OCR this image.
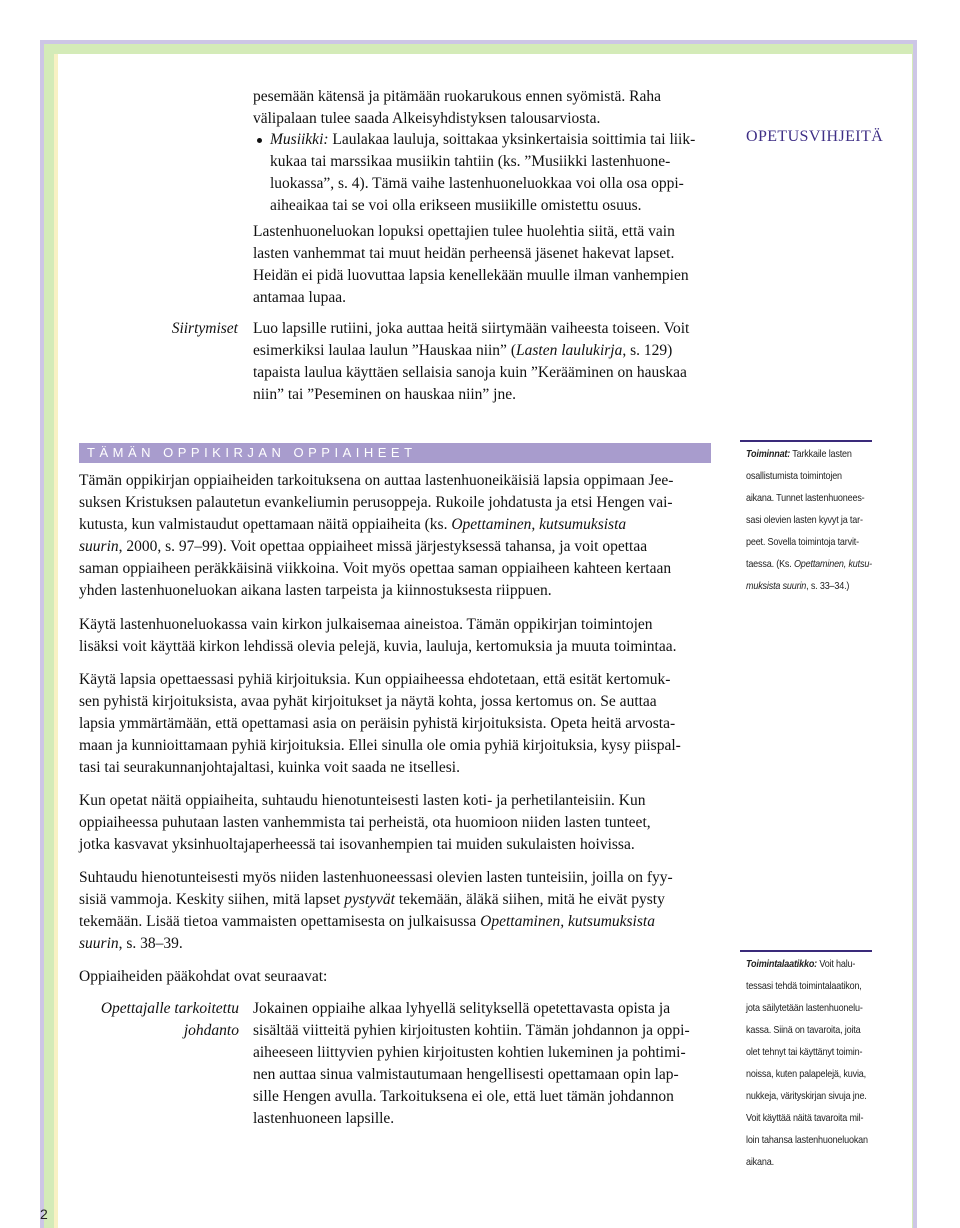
pesemään kätensä ja pitämään ruokarukous ennen syömistä. Raha
välipalaan tulee saada Alkeisyhdistyksen talousarviosta.
Musiikki: Laulakaa lauluja, soittakaa yksinkertaisia soittimia tai liik-
kukaa tai marssikaa musiikin tahtiin (ks. ”Musiikki lastenhuone-
luokassa”, s. 4). Tämä vaihe lastenhuoneluokkaa voi olla osa oppi-
aiheaikaa tai se voi olla erikseen musiikille omistettu osuus.
Lastenhuoneluokan lopuksi opettajien tulee huolehtia siitä, että vain
lasten vanhemmat tai muut heidän perheensä jäsenet hakevat lapset.
Heidän ei pidä luovuttaa lapsia kenellekään muulle ilman vanhempien
antamaa lupaa.
Siirtymiset Luo lapsille rutiini, joka auttaa heitä siirtymään vaiheesta toiseen. Voit
esimerkiksi laulaa laulun ”Hauskaa niin” (Lasten laulukirja, s. 129)
tapaista laulua käyttäen sellaisia sanoja kuin ”Kerääminen on hauskaa
niin” tai ”Peseminen on hauskaa niin” jne.
OPETUSVIHJEITÄ
TÄMÄN OPPIKIRJAN OPPIAIHEET
Tämän oppikirjan oppiaiheiden tarkoituksena on auttaa lastenhuoneikäisiä lapsia oppimaan Jee-
suksen Kristuksen palautetun evankeliumin perusoppeja. Rukoile johdatusta ja etsi Hengen vai-
kutusta, kun valmistaudut opettamaan näitä oppiaiheita (ks. Opettaminen, kutsumuksista
suurin, 2000, s. 97–99). Voit opettaa oppiaiheet missä järjestyksessä tahansa, ja voit opettaa
saman oppiaiheen peräkkäisinä viikkoina. Voit myös opettaa saman oppiaiheen kahteen kertaan
yhden lastenhuoneluokan aikana lasten tarpeista ja kiinnostuksesta riippuen.
Käytä lastenhuoneluokassa vain kirkon julkaisemaa aineistoa. Tämän oppikirjan toimintojen
lisäksi voit käyttää kirkon lehdissä olevia pelejä, kuvia, lauluja, kertomuksia ja muuta toimintaa.
Käytä lapsia opettaessasi pyhiä kirjoituksia. Kun oppiaiheessa ehdotetaan, että esität kertomuk-
sen pyhistä kirjoituksista, avaa pyhät kirjoitukset ja näytä kohta, jossa kertomus on. Se auttaa
lapsia ymmärtämään, että opettamasi asia on peräisin pyhistä kirjoituksista. Opeta heitä arvosta-
maan ja kunnioittamaan pyhiä kirjoituksia. Ellei sinulla ole omia pyhiä kirjoituksia, kysy piispal-
tasi tai seurakunnanjohtajaltasi, kuinka voit saada ne itsellesi.
Kun opetat näitä oppiaiheita, suhtaudu hienotunteisesti lasten koti- ja perhetilanteisiin. Kun
oppiaiheessa puhutaan lasten vanhemmista tai perheistä, ota huomioon niiden lasten tunteet,
jotka kasvavat yksinhuoltajaperheessä tai isovanhempien tai muiden sukulaisten hoivissa.
Suhtaudu hienotunteisesti myös niiden lastenhuoneessasi olevien lasten tunteisiin, joilla on fyy-
sisiä vammoja. Keskity siihen, mitä lapset pystyvät tekemään, äläkä siihen, mitä he eivät pysty
tekemään. Lisää tietoa vammaisten opettamisesta on julkaisussa Opettaminen, kutsumuksista
suurin, s. 38–39.
Oppiaiheiden pääkohdat ovat seuraavat:
Opettajalle tarkoitettu
johdanto
Jokainen oppiaihe alkaa lyhyellä selityksellä opetettavasta opista ja
sisältää viitteitä pyhien kirjoitusten kohtiin. Tämän johdannon ja oppi-
aiheeseen liittyvien pyhien kirjoitusten kohtien lukeminen ja pohtimi-
nen auttaa sinua valmistautumaan hengellisesti opettamaan opin lap-
sille Hengen avulla. Tarkoituksena ei ole, että luet tämän johdannon
lastenhuoneen lapsille.
Toiminnat: Tarkkaile lasten
osallistumista toimintojen
aikana. Tunnet lastenhuonees-
sasi olevien lasten kyvyt ja tar-
peet. Sovella toimintoja tarvit-
taessa. (Ks. Opettaminen, kutsu-
muksista suurin, s. 33–34.)
Toimintalaatikko: Voit halu-
tessasi tehdä toimintalaatikon,
jota säilytetään lastenhuonelu-
kassa. Siinä on tavaroita, joita
olet tehnyt tai käyttänyt toimin-
noissa, kuten palapelejä, kuvia,
nukkeja, värityskirjan sivuja jne.
Voit käyttää näitä tavaroita mil-
loin tahansa lastenhuoneluokan
aikana.
2
